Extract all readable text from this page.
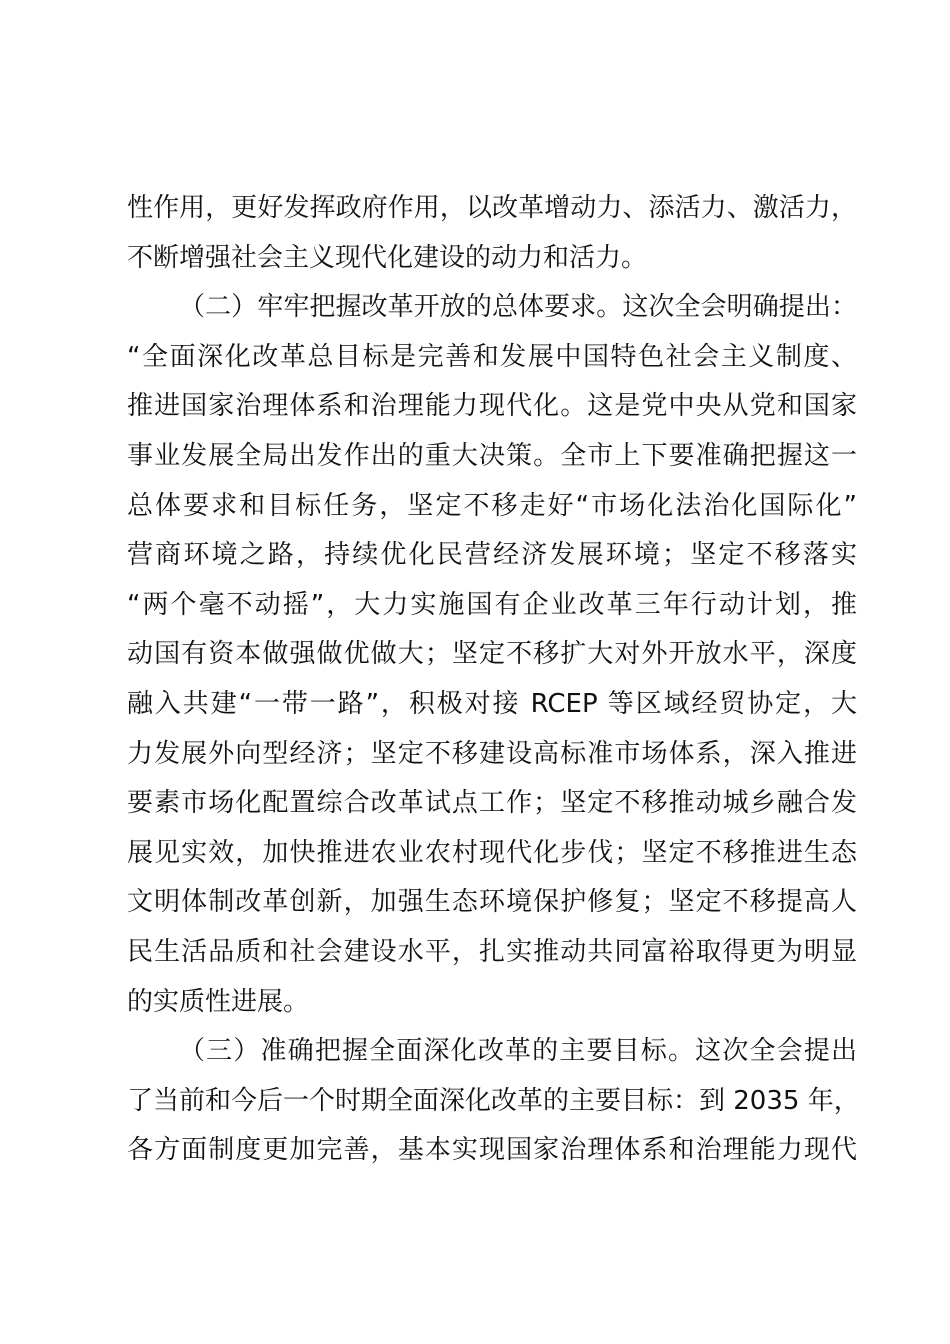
性作用，更好发挥政府作用，以改革增动力、添活力、激活力，
不断增强社会主义现代化建设的动力和活力。
（二）牢牢把握改革开放的总体要求。这次全会明确提出：
“全面深化改革总目标是完善和发展中国特色社会主义制度、
推进国家治理体系和治理能力现代化。这是党中央从党和国家
事业发展全局出发作出的重大决策。全市上下要准确把握这一
总体要求和目标任务，坚定不移走好“市场化法治化国际化”
营商环境之路，持续优化民营经济发展环境；坚定不移落实
“两个毫不动摇”，大力实施国有企业改革三年行动计划，推
动国有资本做强做优做大；坚定不移扩大对外开放水平，深度
融入共建“一带一路”，积极对接 RCEP 等区域经贸协定，大
力发展外向型经济；坚定不移建设高标准市场体系，深入推进
要素市场化配置综合改革试点工作；坚定不移推动城乡融合发
展见实效，加快推进农业农村现代化步伐；坚定不移推进生态
文明体制改革创新，加强生态环境保护修复；坚定不移提高人
民生活品质和社会建设水平，扎实推动共同富裕取得更为明显
的实质性进展。
（三）准确把握全面深化改革的主要目标。这次全会提出
了当前和今后一个时期全面深化改革的主要目标：到 2035 年，
各方面制度更加完善，基本实现国家治理体系和治理能力现代
